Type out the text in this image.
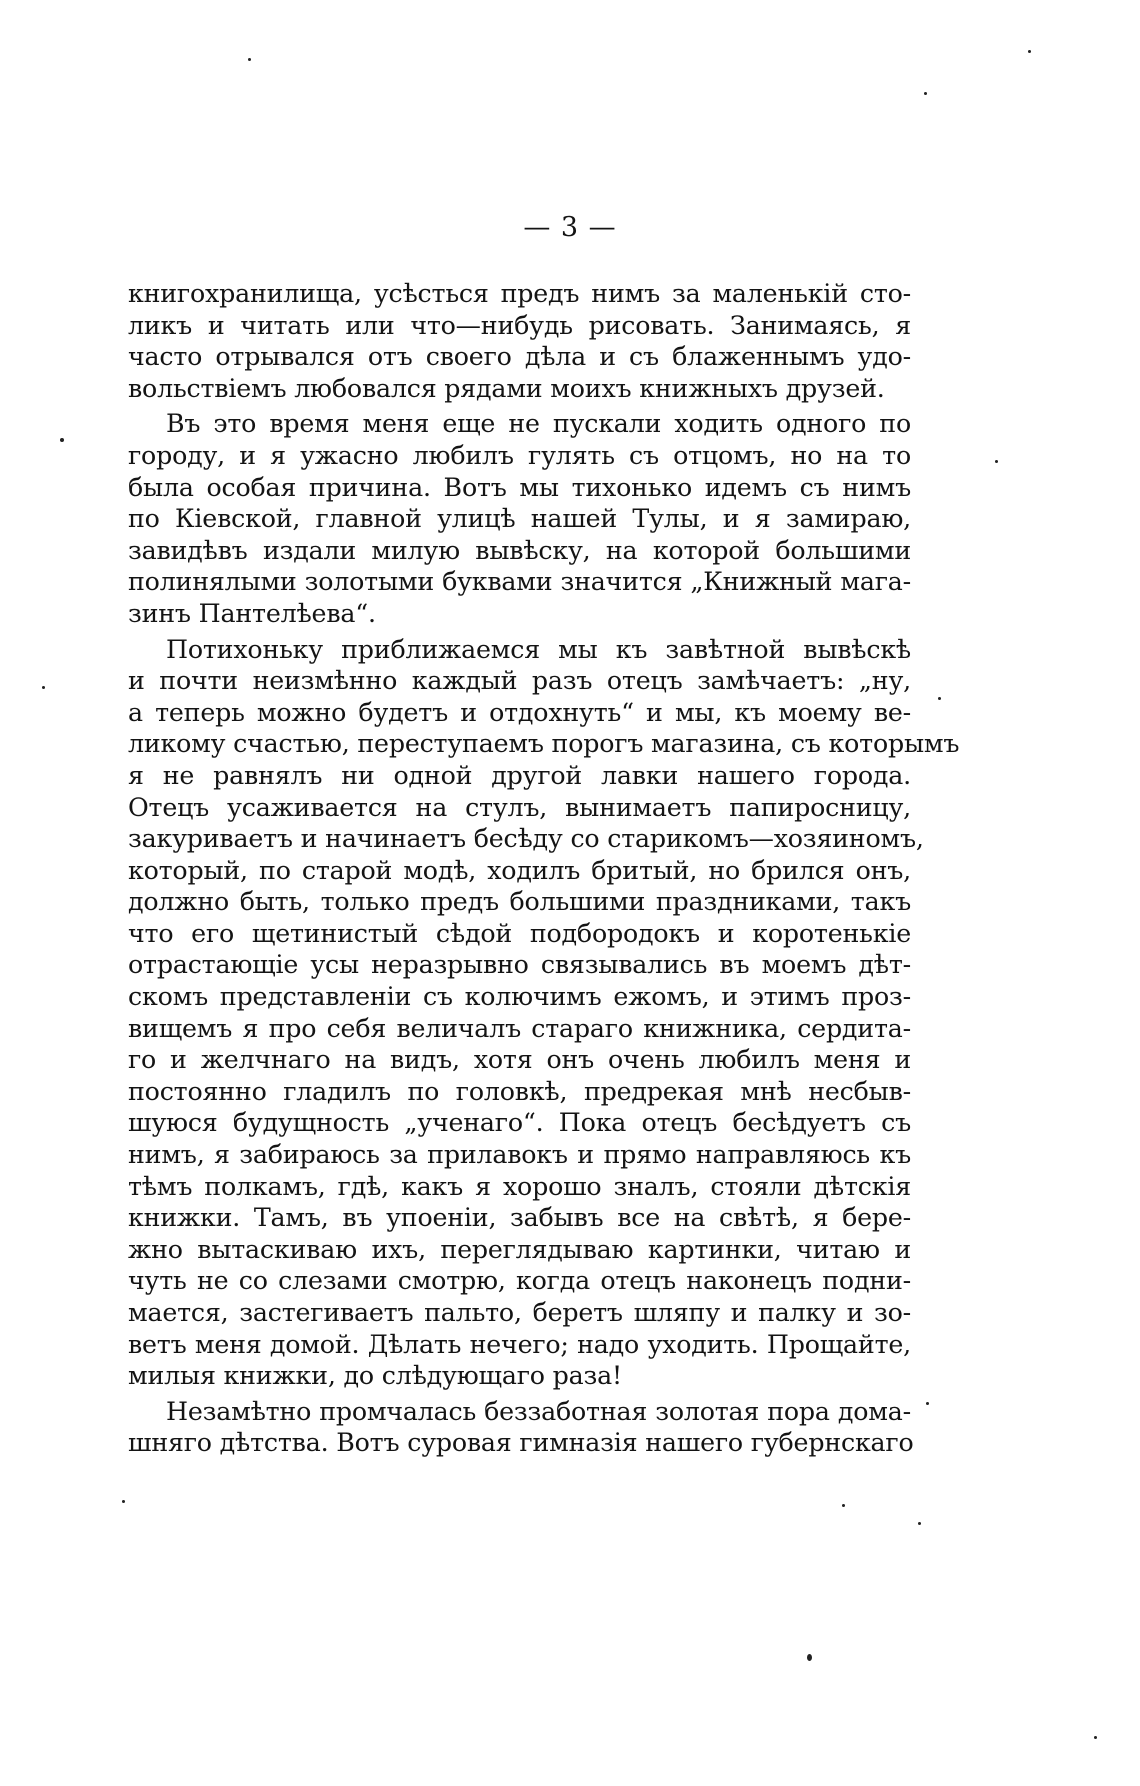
— 3 —
книгохранилища, усѣсться предъ нимъ за маленькій сто-
ликъ и читать или что—нибудь рисовать. Занимаясь, я
часто отрывался отъ своего дѣла и съ блаженнымъ удо-
вольствіемъ любовался рядами моихъ книжныхъ друзей.
Въ это время меня еще не пускали ходить одного по
городу, и я ужасно любилъ гулять съ отцомъ, но на то
была особая причина. Вотъ мы тихонько идемъ съ нимъ
по Кіевской, главной улицѣ нашей Тулы, и я замираю,
завидѣвъ издали милую вывѣску, на которой большими
полинялыми золотыми буквами значится „Книжный мага-
зинъ Пантелѣева“.
Потихоньку приближаемся мы къ завѣтной вывѣскѣ
и почти неизмѣнно каждый разъ отецъ замѣчаетъ: „ну,
а теперь можно будетъ и отдохнуть“ и мы, къ моему ве-
ликому счастью, переступаемъ порогъ магазина, съ которымъ
я не равнялъ ни одной другой лавки нашего города.
Отецъ усаживается на стулъ, вынимаетъ папиросницу,
закуриваетъ и начинаетъ бесѣду со старикомъ—хозяиномъ,
который, по старой модѣ, ходилъ бритый, но брился онъ,
должно быть, только предъ большими праздниками, такъ
что его щетинистый сѣдой подбородокъ и коротенькіе
отрастающіе усы неразрывно связывались въ моемъ дѣт-
скомъ представленіи съ колючимъ ежомъ, и этимъ проз-
вищемъ я про себя величалъ стараго книжника, сердита-
го и желчнаго на видъ, хотя онъ очень любилъ меня и
постоянно гладилъ по головкѣ, предрекая мнѣ несбыв-
шуюся будущность „ученаго“. Пока отецъ бесѣдуетъ съ
нимъ, я забираюсь за прилавокъ и прямо направляюсь къ
тѣмъ полкамъ, гдѣ, какъ я хорошо зналъ, стояли дѣтскія
книжки. Тамъ, въ упоеніи, забывъ все на свѣтѣ, я бере-
жно вытаскиваю ихъ, переглядываю картинки, читаю и
чуть не со слезами смотрю, когда отецъ наконецъ подни-
мается, застегиваетъ пальто, беретъ шляпу и палку и зо-
ветъ меня домой. Дѣлать нечего; надо уходить. Прощайте,
милыя книжки, до слѣдующаго раза!
Незамѣтно промчалась беззаботная золотая пора дома-
шняго дѣтства. Вотъ суровая гимназія нашего губернскаго
